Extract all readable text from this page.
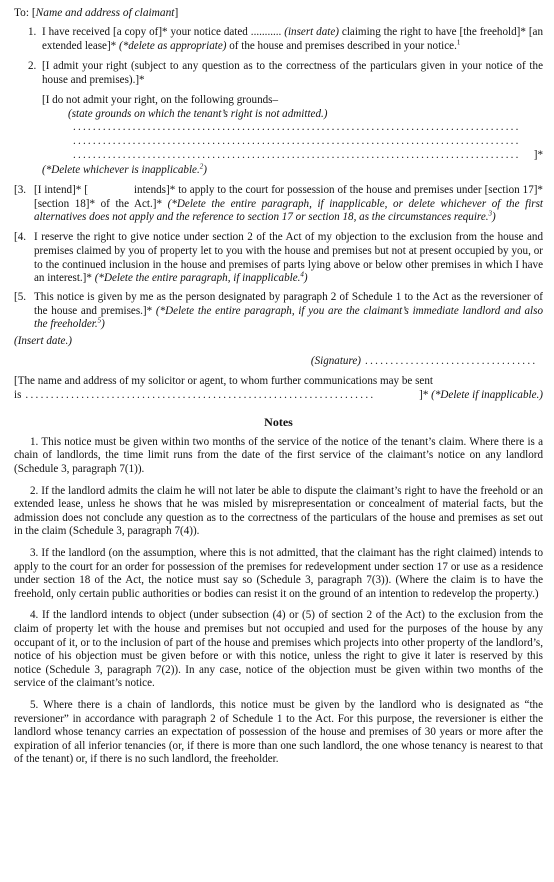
To: [Name and address of claimant]
1. I have received [a copy of]* your notice dated ........... (insert date) claiming the right to have [the freehold]* [an extended lease]* (*delete as appropriate) of the house and premises described in your notice.$^1$
2. [I admit your right (subject to any question as to the correctness of the particulars given in your notice of the house and premises).]*
[I do not admit your right, on the following grounds–
(state grounds on which the tenant’s right is not admitted.)
..........................................................................................
..........................................................................................
..........................................................................................	]*
(*Delete whichever is inapplicable.$^2$)
[3. [I intend]* [	intends]* to apply to the court for possession of the house and premises under [section 17]* [section 18]* of the Act.]* (*Delete the entire paragraph, if inapplicable, or delete whichever of the first alternatives does not apply and the reference to section 17 or section 18, as the circumstances require.$^3$)
[4. I reserve the right to give notice under section 2 of the Act of my objection to the exclusion from the house and premises claimed by you of property let to you with the house and premises but not at present occupied by you, or to the continued inclusion in the house and premises of parts lying above or below other premises in which I have an interest.]* (*Delete the entire paragraph, if inapplicable.$^4$)
[5. This notice is given by me as the person designated by paragraph 2 of Schedule 1 to the Act as the reversioner of the house and premises.]* (*Delete the entire paragraph, if you are the claimant’s immediate landlord and also the freeholder.$^5$)
(Insert date.)
(Signature) ..................................
[The name and address of my solicitor or agent, to whom further communications may be sent
is .....................................................................	]*
(*Delete if inapplicable.)
Notes

1. This notice must be given within two months of the service of the notice of the tenant’s claim. Where there is a chain of landlords, the time limit runs from the date of the first service of the claimant’s notice on any landlord (Schedule 3, paragraph 7(1)).

2. If the landlord admits the claim he will not later be able to dispute the claimant’s right to have the freehold or an extended lease, unless he shows that he was misled by misrepresentation or concealment of material facts, but the admission does not conclude any question as to the correctness of the particulars of the house and premises as set out in the claim (Schedule 3, paragraph 7(4)).

3. If the landlord (on the assumption, where this is not admitted, that the claimant has the right claimed) intends to apply to the court for an order for possession of the premises for redevelopment under section 17 or use as a residence under section 18 of the Act, the notice must say so (Schedule 3, paragraph 7(3)). (Where the claim is to have the freehold, only certain public authorities or bodies can resist it on the ground of an intention to redevelop the property.)

4. If the landlord intends to object (under subsection (4) or (5) of section 2 of the Act) to the exclusion from the claim of property let with the house and premises but not occupied and used for the purposes of the house by any occupant of it, or to the inclusion of part of the house and premises which projects into other property of the landlord’s, notice of his objection must be given before or with this notice, unless the right to give it later is reserved by this notice (Schedule 3, paragraph 7(2)). In any case, notice of the objection must be given within two months of the service of the claimant’s notice.

5. Where there is a chain of landlords, this notice must be given by the landlord who is designated as “the reversioner” in accordance with paragraph 2 of Schedule 1 to the Act. For this purpose, the reversioner is either the landlord whose tenancy carries an expectation of possession of the house and premises of 30 years or more after the expiration of all inferior tenancies (or, if there is more than one such landlord, the one whose tenancy is nearest to that of the tenant) or, if there is no such landlord, the freeholder.
